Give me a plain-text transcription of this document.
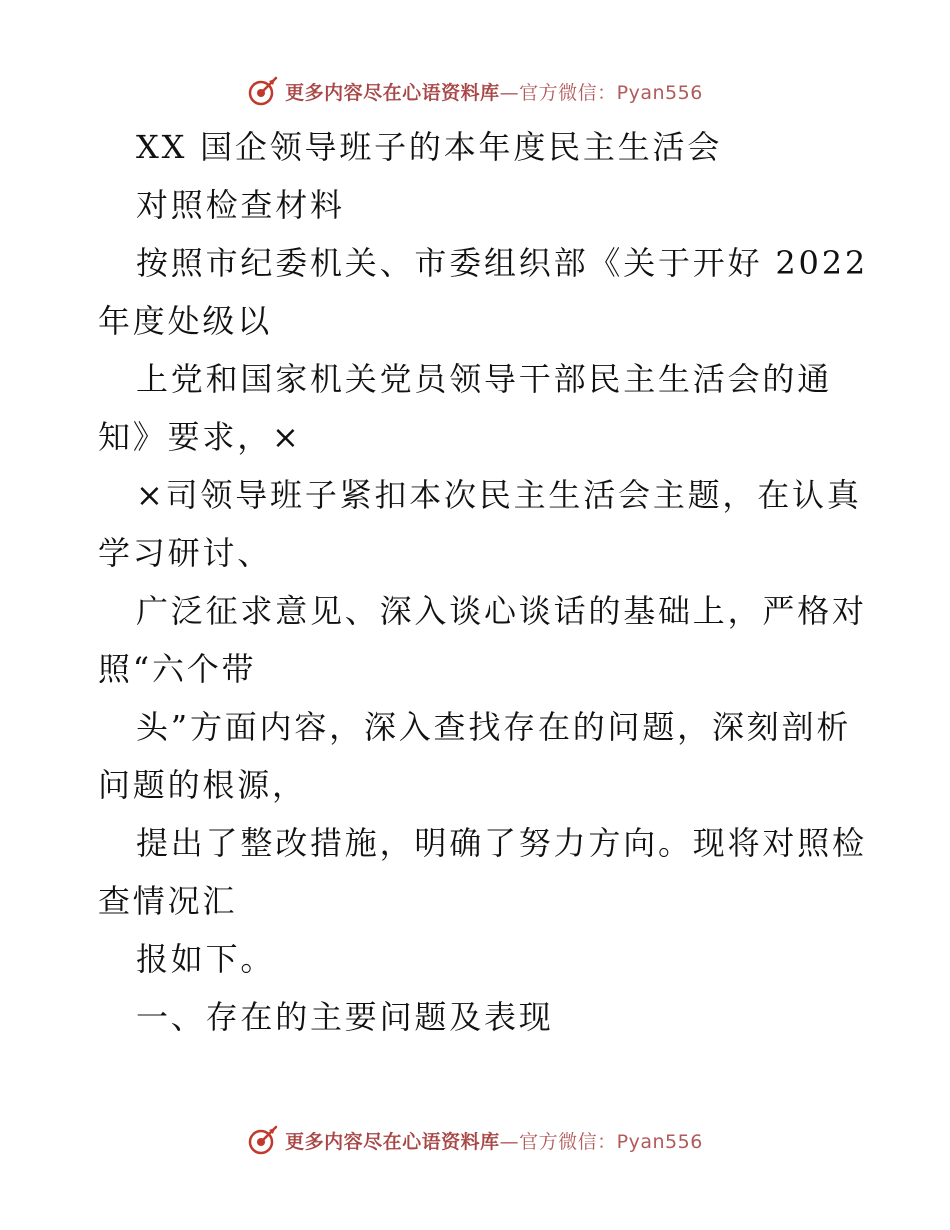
更多内容尽在心语资料库—官方微信：Pyan556
XX 国企领导班子的本年度民主生活会
对照检查材料
按照市纪委机关、市委组织部《关于开好 2022
年度处级以
上党和国家机关党员领导干部民主生活会的通
知》要求，×
×司领导班子紧扣本次民主生活会主题，在认真
学习研讨、
广泛征求意见、深入谈心谈话的基础上，严格对
照“六个带
头”方面内容，深入查找存在的问题，深刻剖析
问题的根源，
提出了整改措施，明确了努力方向。现将对照检
查情况汇
报如下。
一、存在的主要问题及表现
更多内容尽在心语资料库—官方微信：Pyan556
